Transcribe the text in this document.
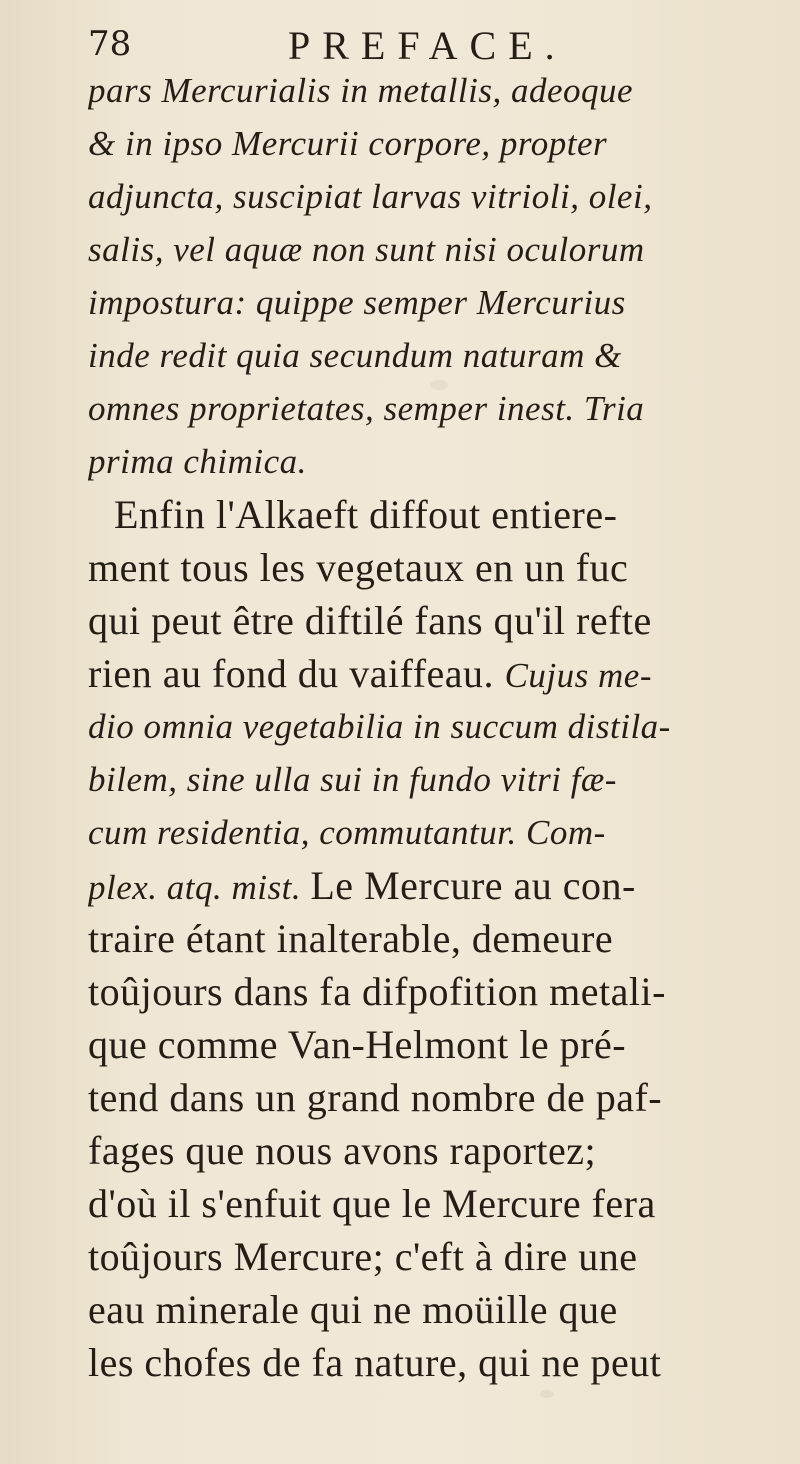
78	PREFACE.
pars Mercurialis in metallis, adeoque
& in ipso Mercurii corpore, propter
adjuncta, suscipiat larvas vitrioli, olei,
salis, vel aquæ non sunt nisi oculorum
impostura: quippe semper Mercurius
inde redit quia secundum naturam &
omnes proprietates, semper inest. Tria
prima chimica.
Enfin l'Alkaeft diffout entiere-
ment tous les vegetaux en un fuc
qui peut être diftilé fans qu'il refte
rien au fond du vaiffeau. Cujus me-
dio omnia vegetabilia in succum distila-
bilem, sine ulla sui in fundo vitri fæ-
cum residentia, commutantur. Com-
plex. atq. mist. Le Mercure au con-
traire étant inalterable, demeure
toûjours dans fa difpofition metali-
que comme Van-Helmont le pré-
tend dans un grand nombre de paf-
fages que nous avons raportez;
d'où il s'enfuit que le Mercure fera
toûjours Mercure; c'eft à dire une
eau minerale qui ne moüille que
les chofes de fa nature, qui ne peut
